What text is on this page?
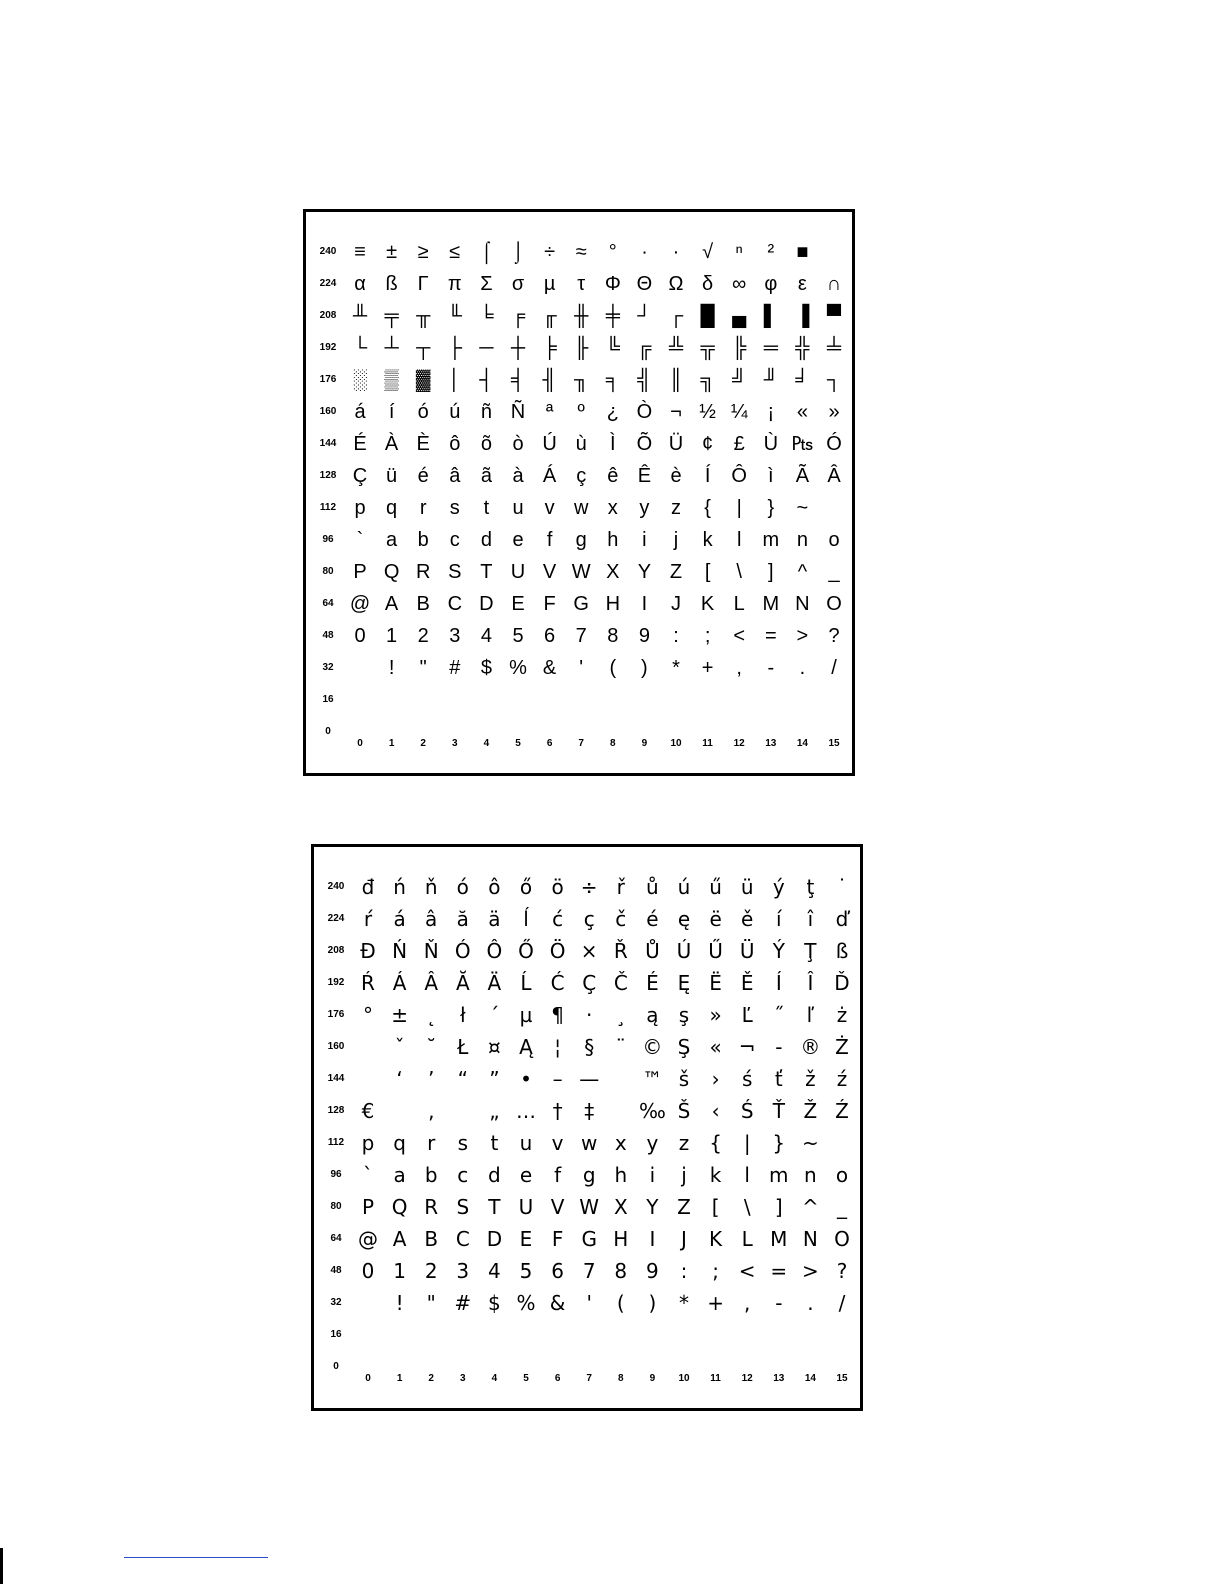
240 ≡	±	≥	≤	⌠ ⌡	÷	≈	°	∙	·	√	ⁿ	²	■
224 α ß Γ π Σ σ µ	τ Φ Θ Ω δ ∞ φ	ε ∩
208 ╨ ╤ ╥ ╙ ╘ ╒ ╓ ╫ ╪ ┘ ┌ █ ▄ ▌ ▐ ▀
192 └ ┴ ┬ ├ ─ ┼ ╞ ╟ ╚ ╔ ╩ ╦ ╠ ═ ╬ ╧
176 ░ ▒ ▓ │ ┤ ╡ ╢ ╖ ╕ ╣ ║ ╗ ╝ ╜ ╛ ┐
160 á	í	ó	ú	ñ Ñ	ª	º	¿ Ò ¬ ½ ¼ ¡	«	»
144 É À È ô	õ	ò Ú ù	Ì	Õ Ü ¢	£ Ù ₧ Ó
128 Ç ü	é	â	ã	à Á ç	ê Ê è	Í	Ô	ì	Ã Â
112 p	q	r	s	t	u	v w x	y	z	{	|	}	~
96	`	a	b	c	d	e	f	g	h	i	j	k	l	m n	o
80 P Q R S T U V W X Y Z	[	\	]	^	_
64 @ A B C D E F G H	I	J K L M N O
48	0	1	2	3	4	5	6	7	8	9	:	;	< = >	?
32	!	"	#	$ % &	'	(	)	*	+	,	-	.	/
16
0
0	1	2	3	4	5	6	7	8	9	10	11	12	13	14	15
240 đ ń ň ó ô ő ö ÷ ř	ů ú ű ü ý	ţ	˙
224 ŕ	á â ă ä	ĺ	ć	ç	č é ę ë ě	í	î	ď
208 Đ Ń Ň Ó Ô Ő Ö × Ř Ů Ú Ű Ü Ý Ţ ß
192 Ŕ Á Â Ă Ä Ĺ Ć Ç Č É Ę Ë Ě	Í	Î	Ď
176 ° ± ˛	ł	´	µ ¶	·	¸	ą	ş	» Ľ	˝	ľ	ż
160	ˇ	˘	Ł ¤ Ą	¦	§	¨ © Ş « ¬ - ® Ż
144	‘	’	“	”	•	– —	™ š	›	ś	ť	ž	ź
128 €	‚	„ … †	‡	‰ Š	‹	Ś Ť Ž Ź
112 p q	r	s	t	u v w x y	z {	|	} ~
96	`	a b c d e	f	g h	i	j	k	l m n o
80	P Q R S T U V W X Y Z	[	\	] ^ _
64 @ A B C D E F G H	I	J	K L M N O
48	0 1 2 3 4 5 6 7 8 9	:	; < = > ?
32	!	" # $ % &	'	(	)	* +	,	-	.	/
16
0
0	1	2	3	4	5	6	7	8	9	10	11	12	13	14	15
